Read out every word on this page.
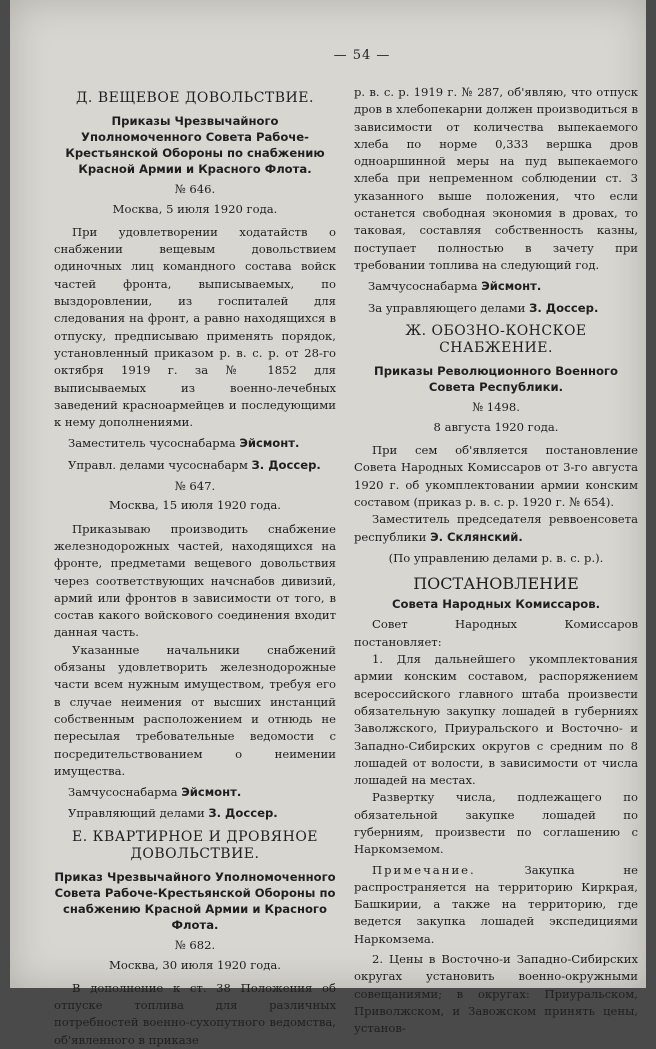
— 54 —
Д. ВЕЩЕВОЕ ДОВОЛЬСТВИЕ.
Приказы Чрезвычайного Уполномоченного Совета Рабоче-Крестьянской Обороны по снабжению Красной Армии и Красного Флота.
№ 646.
Москва, 5 июля 1920 года.

При удовлетворении ходатайств о снабжении вещевым довольствием одиночных лиц командного состава войск частей фронта, выписываемых, по выздоровлении, из госпиталей для следования на фронт, а равно находящихся в отпуску, предписываю применять порядок, установленный приказом р. в. с. р. от 28-го октября 1919 г. за № 1852 для выписываемых из военно-лечебных заведений красноармейцев и последующими к нему дополнениями.

Заместитель чусоснабарма Эйсмонт.
Управл. делами чусоснабарм З. Доссер.
№ 647.
Москва, 15 июля 1920 года.

Приказываю производить снабжение железнодорожных частей, находящихся на фронте, предметами вещевого довольствия через соответствующих начснабов дивизий, армий или фронтов в зависимости от того, в состав какого войскового соединения входит данная часть.

Указанные начальники снабжений обязаны удовлетворить железнодорожные части всем нужным имуществом, требуя его в случае неимения от высших инстанций собственным расположением и отнюдь не пересылая требовательные ведомости с посредительствованием о неимении имущества.

Замчусоснабарма Эйсмонт.
Управляющий делами З. Доссер.
Е. КВАРТИРНОЕ И ДРОВЯНОЕ ДОВОЛЬСТВИЕ.
Приказ Чрезвычайного Уполномоченного Совета Рабоче-Крестьянской Обороны по снабжению Красной Армии и Красного Флота.
№ 682.
Москва, 30 июля 1920 года.

В дополнение к ст. 38 Положения об отпуске топлива для различных потребностей военно-сухопутного ведомства, об'явленного в приказе

р. в. с. р. 1919 г. № 287, об'являю, что отпуск дров в хлебопекарни должен производиться в зависимости от количества выпекаемого хлеба по норме 0,333 вершка дров одноаршинной меры на пуд выпекаемого хлеба при непременном соблюдении ст. 3 указанного выше положения, что если останется свободная экономия в дровах, то таковая, составляя собственность казны, поступает полностью в зачету при требовании топлива на следующий год.

Замчусоснабарма Эйсмонт.
За управляющего делами З. Доссер.
Ж. ОБОЗНО-КОНСКОЕ СНАБЖЕНИЕ.
Приказы Революционного Военного Совета Республики.
№ 1498.
8 августа 1920 года.

При сем об'является постановление Совета Народных Комиссаров от 3-го августа 1920 г. об укомплектовании армии конским составом (приказ р. в. с. р. 1920 г. № 654).

Заместитель председателя реввоенсовета республики Э. Склянский.

(По управлению делами р. в. с. р.).
ПОСТАНОВЛЕНИЕ
Совета Народных Комиссаров.

Совет Народных Комиссаров постановляет:

1. Для дальнейшего укомплектования армии конским составом, распоряжением всероссийского главного штаба произвести обязательную закупку лошадей в губерниях Заволжского, Приуральского и Восточно- и Западно-Сибирских округов с средним по 8 лошадей от волости, в зависимости от числа лошадей на местах.

Развертку числа, подлежащего по обязательной закупке лошадей по губерниям, произвести по соглашению с Наркомземом.

Примечание.	Закупка не распространяется на территорию Киркрая, Башкирии, а также на территорию, где ведется закупка лошадей экспедициями Наркомзема.

2. Цены в Восточно-и Западно-Сибирских округах установить военно-окружными совещаниями; в округах: Приуральском, Приволжском, и Завожском принять цены, установ-
